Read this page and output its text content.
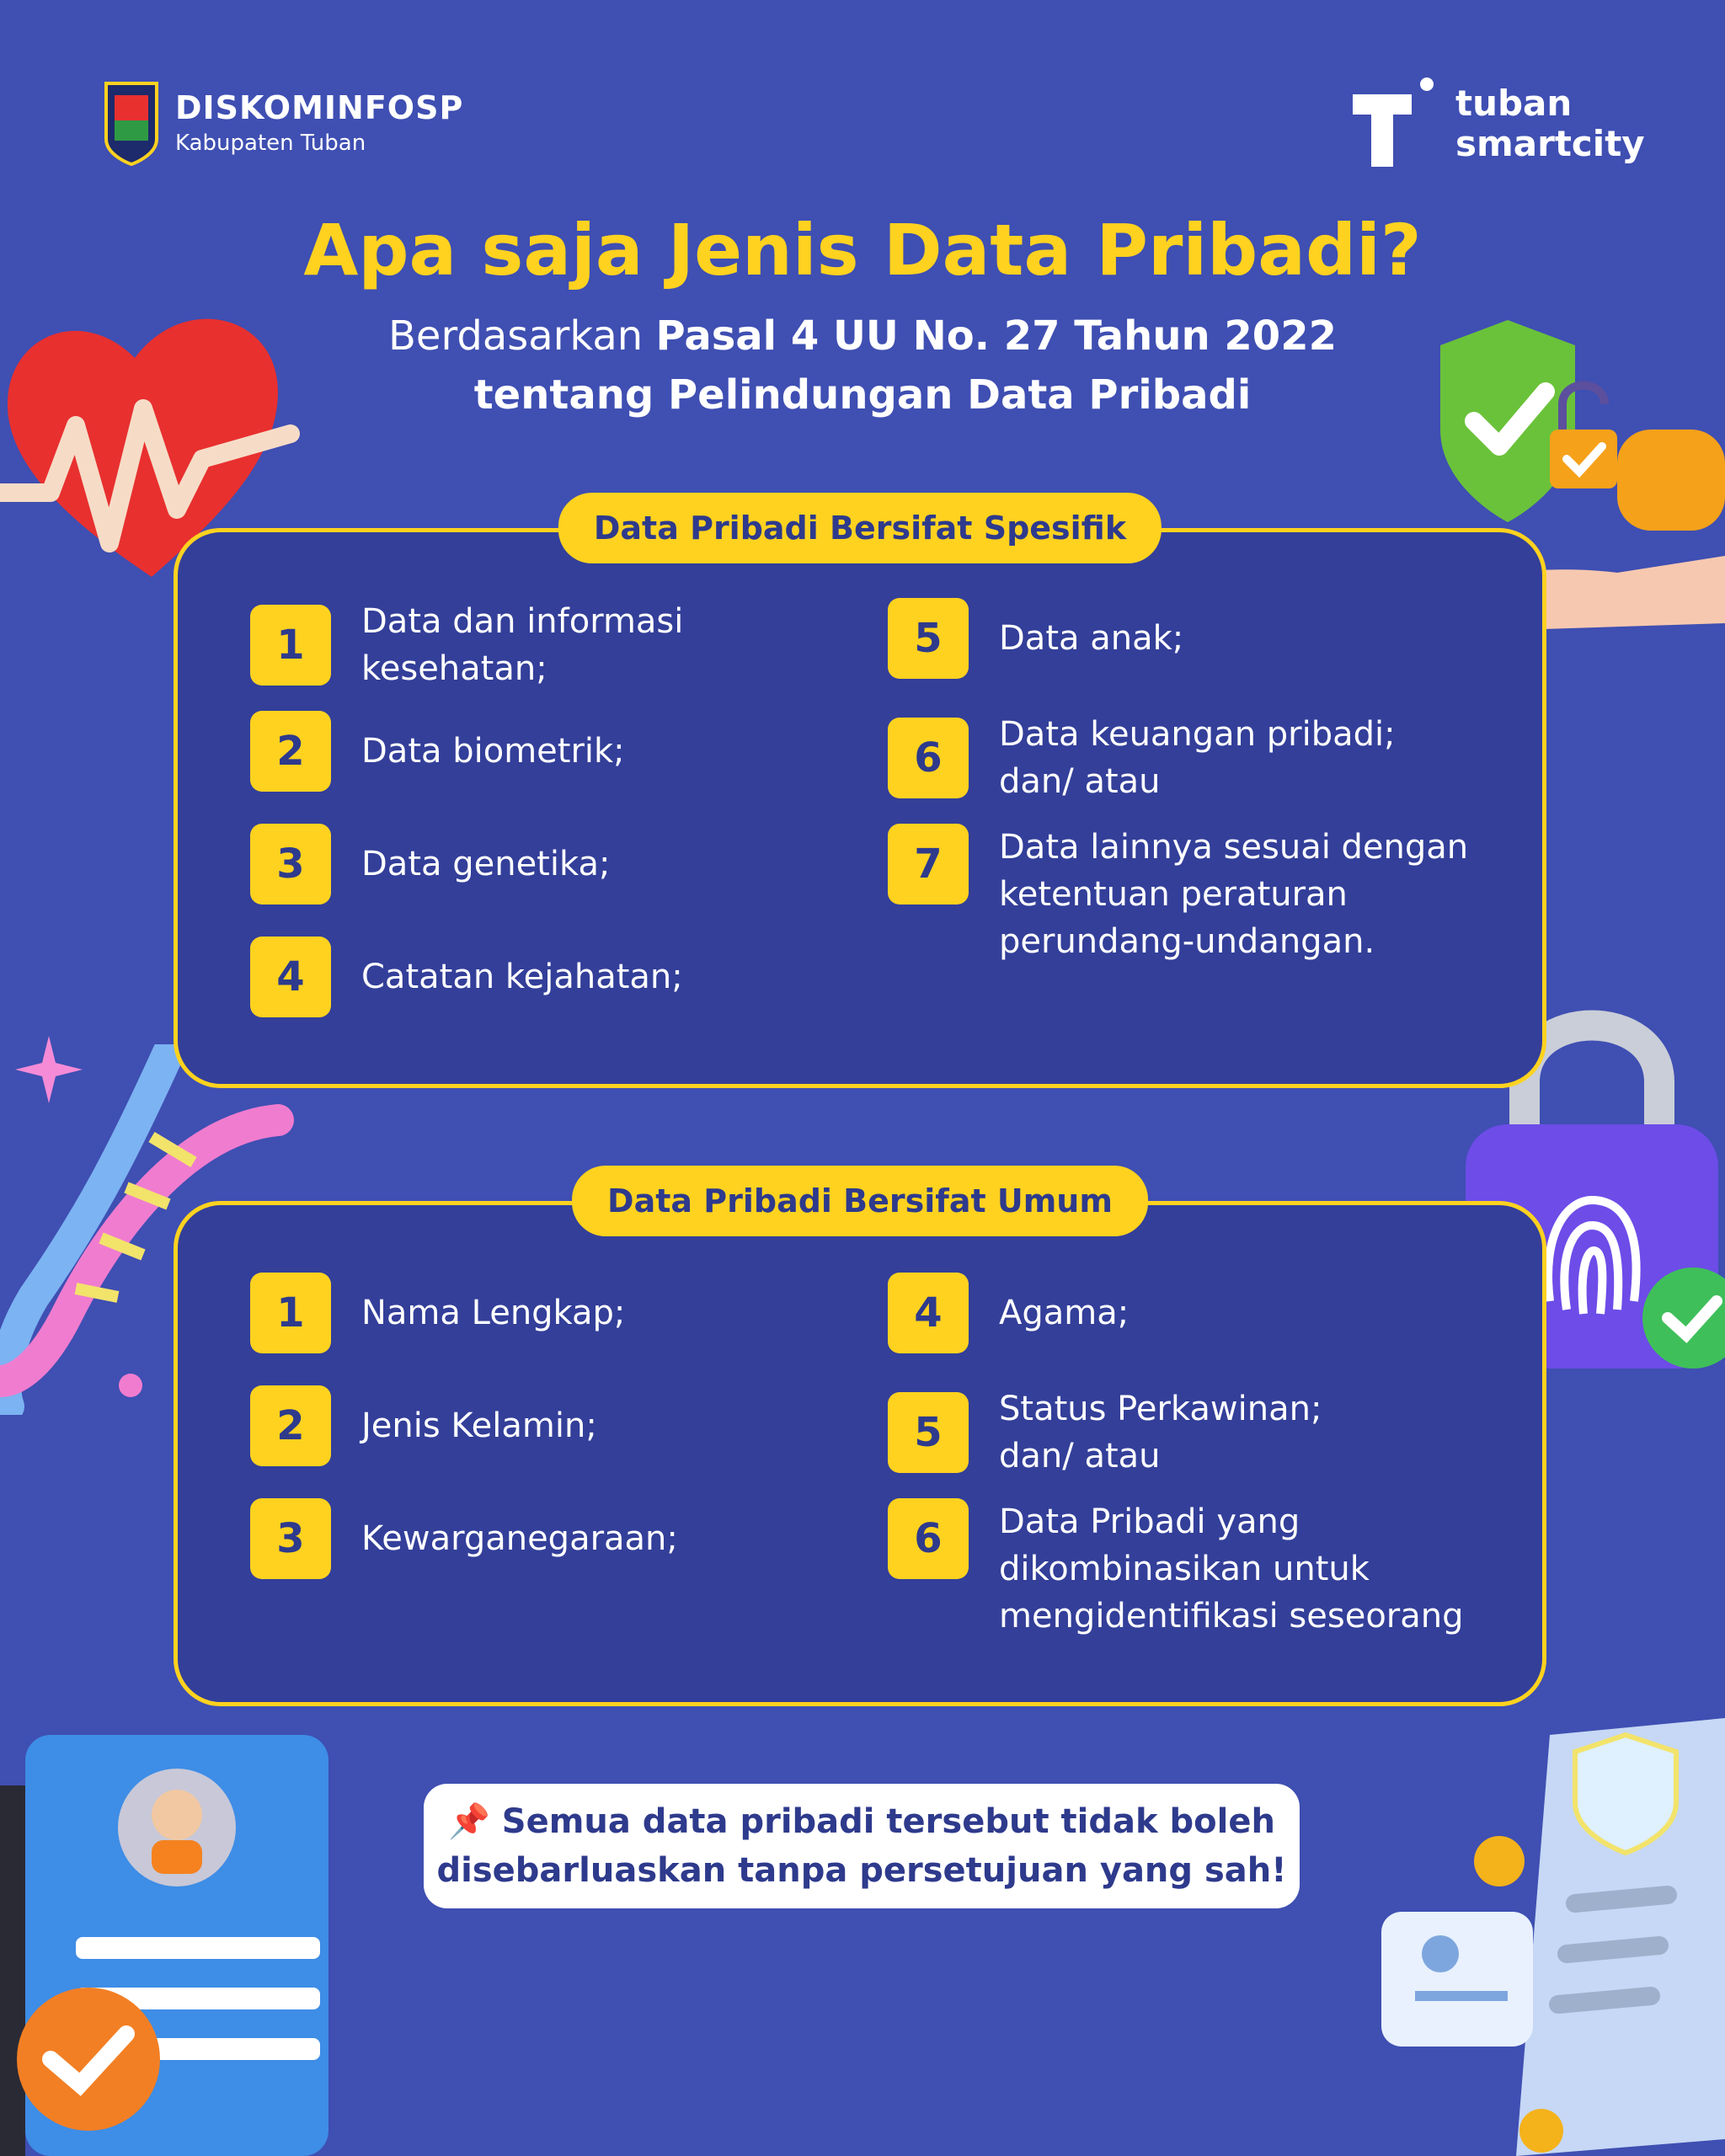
DISKOMINFOSP
Kabupaten Tuban
tuban
smartcity
Apa saja Jenis Data Pribadi?
Berdasarkan Pasal 4 UU No. 27 Tahun 2022
tentang Pelindungan Data Pribadi
Data Pribadi Bersifat Spesifik
1	Data dan informasi kesehatan;
2	Data biometrik;
3	Data genetika;
4	Catatan kejahatan;
5	Data anak;
6	Data keuangan pribadi; dan/ atau
7	Data lainnya sesuai dengan ketentuan peraturan perundang-undangan.
Data Pribadi Bersifat Umum
1	Nama Lengkap;
2	Jenis Kelamin;
3	Kewarganegaraan;
4	Agama;
5	Status Perkawinan; dan/ atau
6	Data Pribadi yang dikombinasikan untuk mengidentifikasi seseorang
📌 Semua data pribadi tersebut tidak boleh
disebarluaskan tanpa persetujuan yang sah!
